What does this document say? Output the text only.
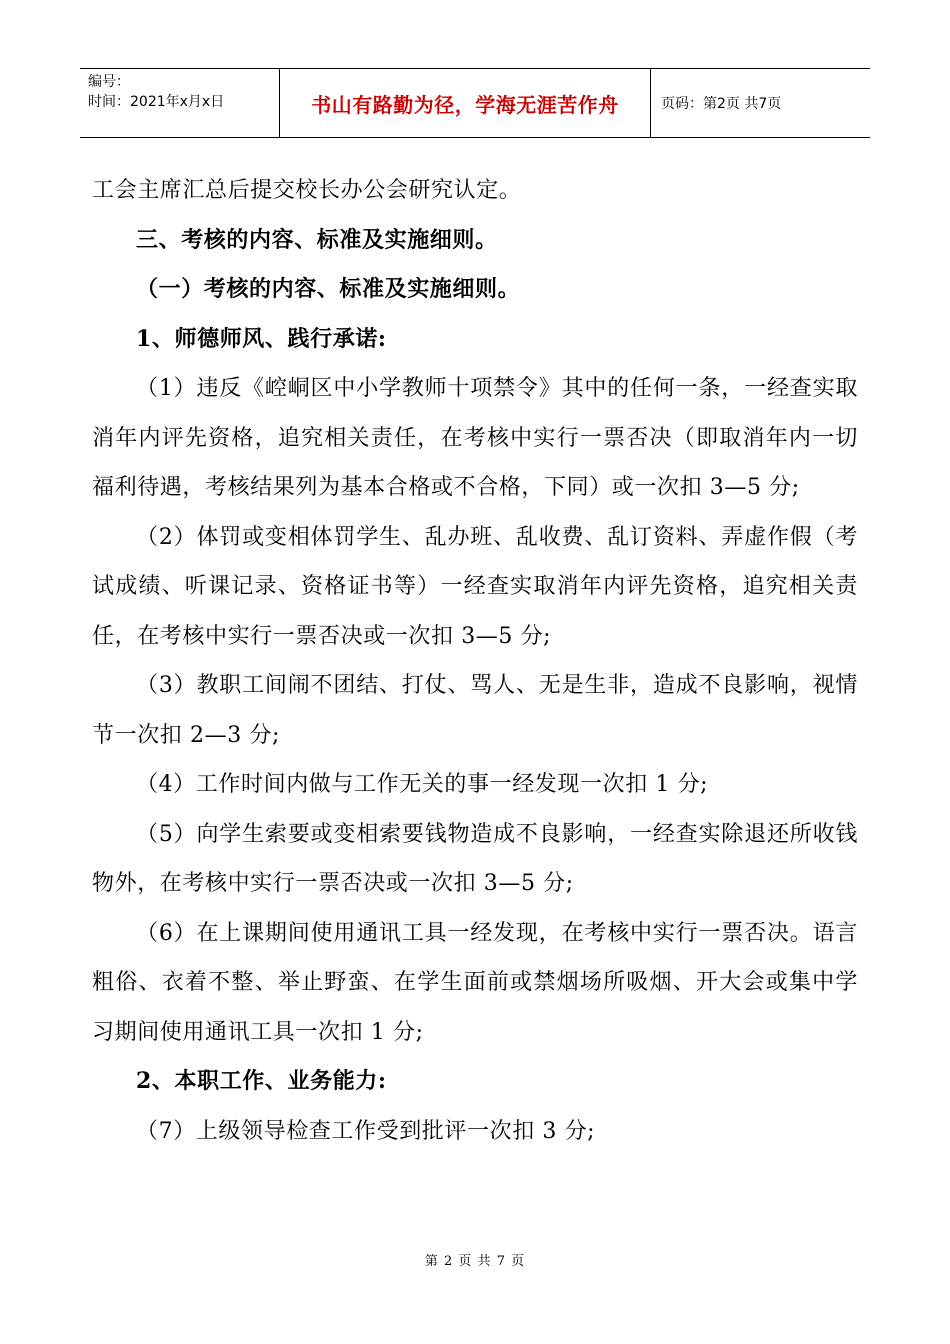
编号：
时间：2021年x月x日	书山有路勤为径，学海无涯苦作舟	页码：第2页 共7页

工会主席汇总后提交校长办公会研究认定。

三、考核的内容、标准及实施细则。

（一）考核的内容、标准及实施细则。

1、师德师风、践行承诺:

（1）违反《崆峒区中小学教师十项禁令》其中的任何一条，一经查实取消年内评先资格，追究相关责任，在考核中实行一票否决（即取消年内一切福利待遇，考核结果列为基本合格或不合格，下同）或一次扣 3—5 分;

（2）体罚或变相体罚学生、乱办班、乱收费、乱订资料、弄虚作假（考试成绩、听课记录、资格证书等）一经查实取消年内评先资格，追究相关责任，在考核中实行一票否决或一次扣 3—5 分;

（3）教职工间闹不团结、打仗、骂人、无是生非，造成不良影响，视情节一次扣 2—3 分;

（4）工作时间内做与工作无关的事一经发现一次扣 1 分;

（5）向学生索要或变相索要钱物造成不良影响，一经查实除退还所收钱物外，在考核中实行一票否决或一次扣 3—5 分;

（6）在上课期间使用通讯工具一经发现，在考核中实行一票否决。语言粗俗、衣着不整、举止野蛮、在学生面前或禁烟场所吸烟、开大会或集中学习期间使用通讯工具一次扣 1 分;

2、本职工作、业务能力:

（7）上级领导检查工作受到批评一次扣 3 分;

第 2 页 共 7 页
